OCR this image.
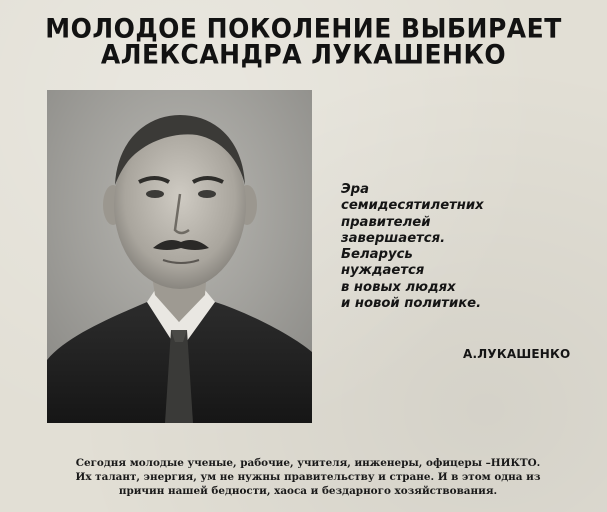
МОЛОДОЕ ПОКОЛЕНИЕ ВЫБИРАЕТ
АЛЕКСАНДРА ЛУКАШЕНКО
Эра
семидесятилетних
правителей
завершается.
Беларусь
нуждается
в новых людях
и новой политике.
А.ЛУКАШЕНКО
Сегодня молодые ученые, рабочие, учителя, инженеры, офицеры –НИКТО.
Их талант, энергия, ум не нужны правительству и стране. И в этом одна из
причин нашей бедности, хаоса и бездарного хозяйствования.
